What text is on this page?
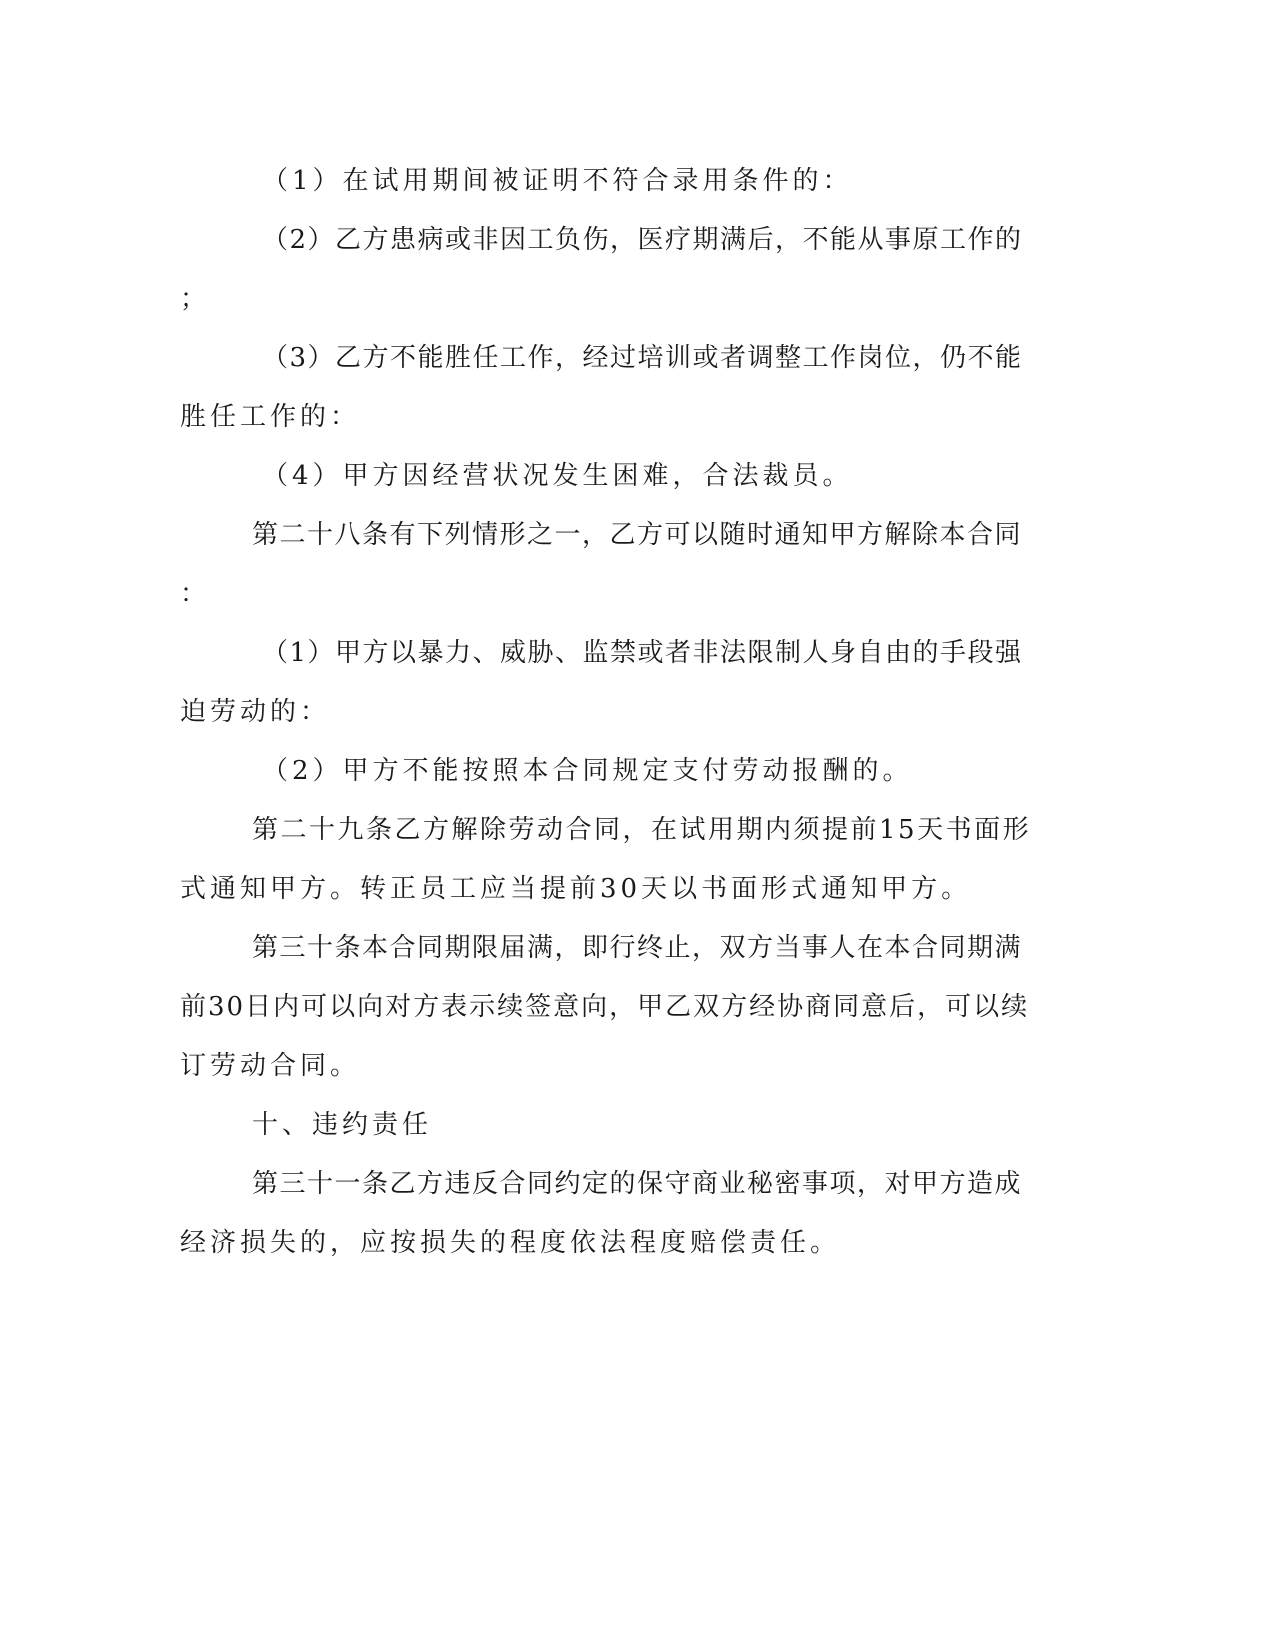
（1）在试用期间被证明不符合录用条件的：

（2）乙方患病或非因工负伤，医疗期满后，不能从事原工作的

；

（3）乙方不能胜任工作，经过培训或者调整工作岗位，仍不能

胜任工作的：

（4）甲方因经营状况发生困难，合法裁员。

第二十八条有下列情形之一，乙方可以随时通知甲方解除本合同

：

（1）甲方以暴力、威胁、监禁或者非法限制人身自由的手段强

迫劳动的：

（2）甲方不能按照本合同规定支付劳动报酬的。

第二十九条乙方解除劳动合同，在试用期内须提前15天书面形

式通知甲方。转正员工应当提前30天以书面形式通知甲方。

第三十条本合同期限届满，即行终止，双方当事人在本合同期满

前30日内可以向对方表示续签意向，甲乙双方经协商同意后，可以续

订劳动合同。

十、违约责任

第三十一条乙方违反合同约定的保守商业秘密事项，对甲方造成

经济损失的，应按损失的程度依法程度赔偿责任。
